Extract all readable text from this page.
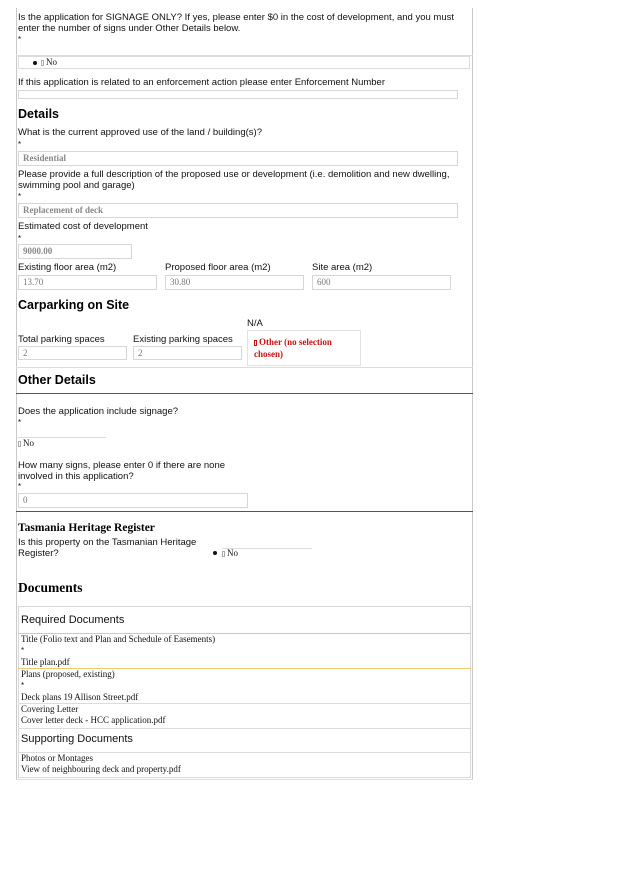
Is the application for SIGNAGE ONLY? If yes, please enter $0 in the cost of development, and you must enter the number of signs under Other Details below.
*
No
If this application is related to an enforcement action please enter Enforcement Number
Details
What is the current approved use of the land / building(s)?
*
Residential
Please provide a full description of the proposed use or development (i.e. demolition and new dwelling, swimming pool and garage)
*
Replacement of deck
Estimated cost of development
*
9000.00
Existing floor area (m2)	Proposed floor area (m2)	Site area (m2)
13.70	30.80	600
Carparking on Site
N/A
Total parking spaces	Existing parking spaces
2	2
Other (no selection chosen)
Other Details
Does the application include signage?
*
No
How many signs, please enter 0 if there are none involved in this application?
*
0
Tasmania Heritage Register
Is this property on the Tasmanian Heritage Register?	No
Documents
Required Documents
Title (Folio text and Plan and Schedule of Easements)
*
Title plan.pdf
Plans (proposed, existing)
*
Deck plans 19 Allison Street.pdf
Covering Letter
Cover letter deck - HCC application.pdf
Supporting Documents
Photos or Montages
View of neighbouring deck and property.pdf
